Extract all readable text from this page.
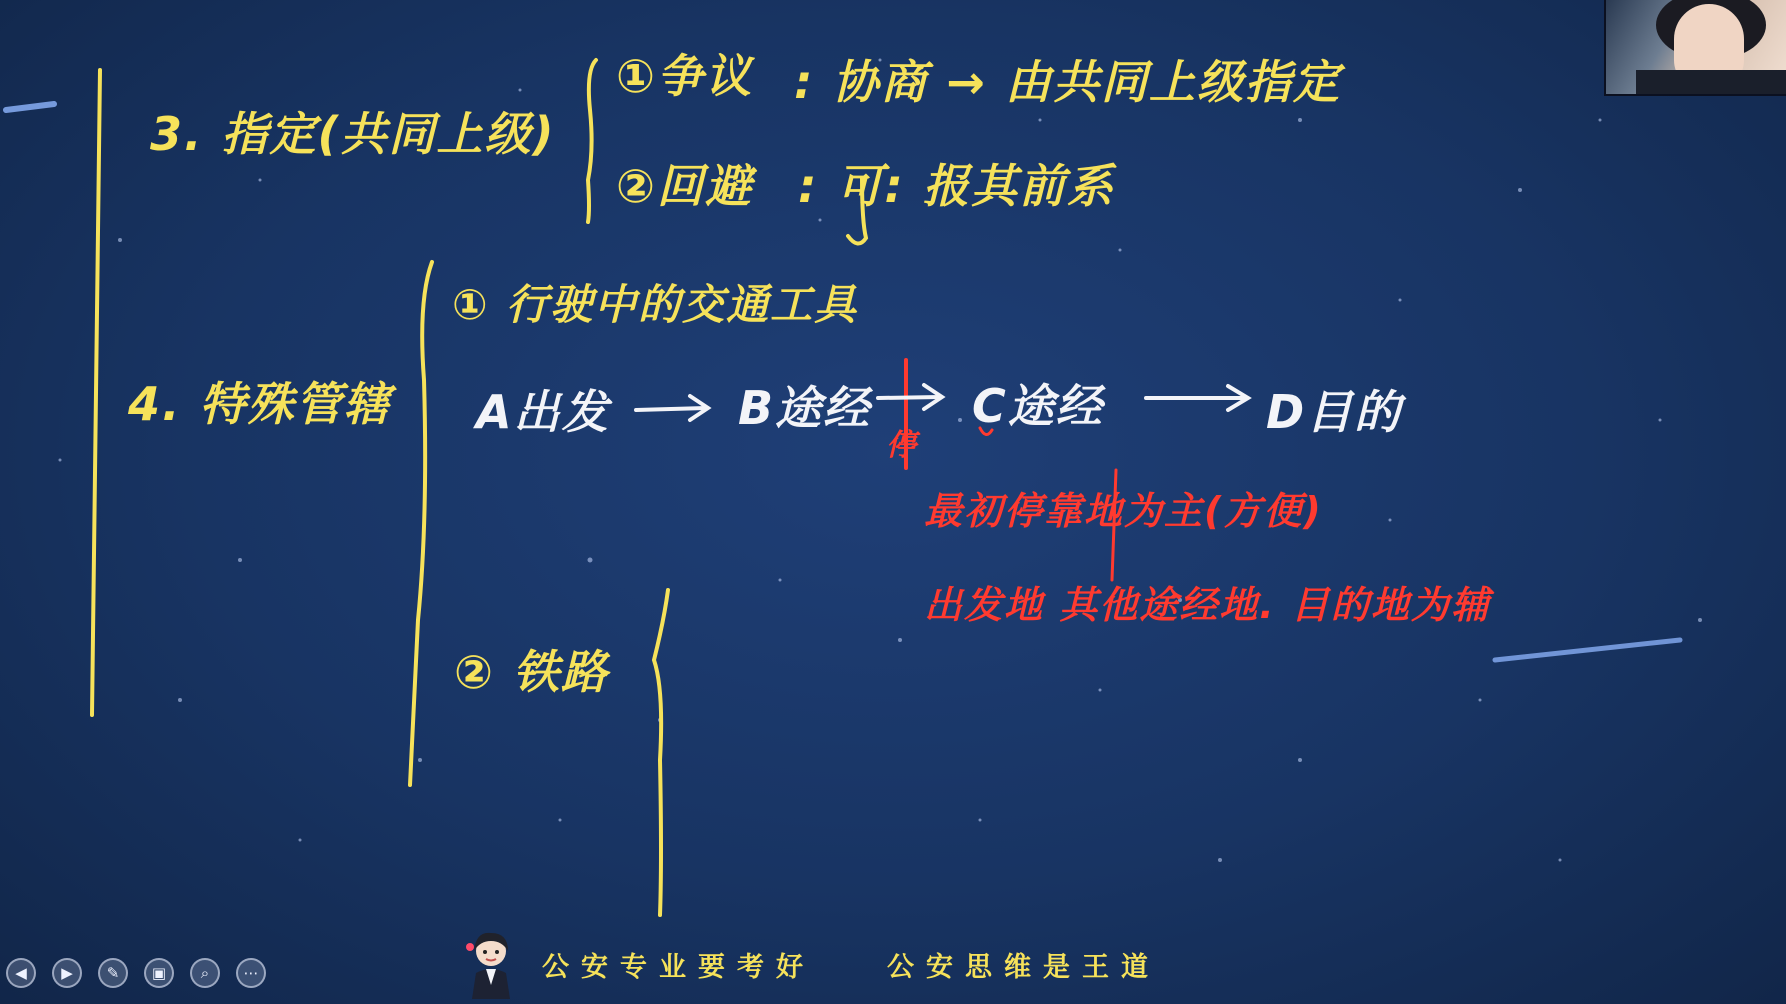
3. 指定(共同上级)
①争议 : 协商 → 由共同上级指定
②回避 : 可: 报其前系
4. 特殊管辖
① 行驶中的交通工具
A出发	B途经 C途经	D目的
停
最初停靠地为主(方便)
出发地 其他途经地. 目的地为辅
② 铁路
◀	▶	✎	▣	⌕	⋯	公安专业要考好	公安思维是王道
